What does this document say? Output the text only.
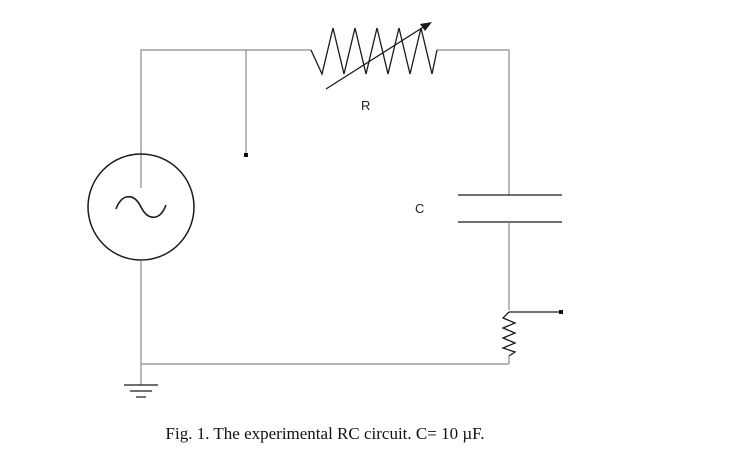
R
C
Fig. 1. The experimental RC circuit. C= 10 µF.
